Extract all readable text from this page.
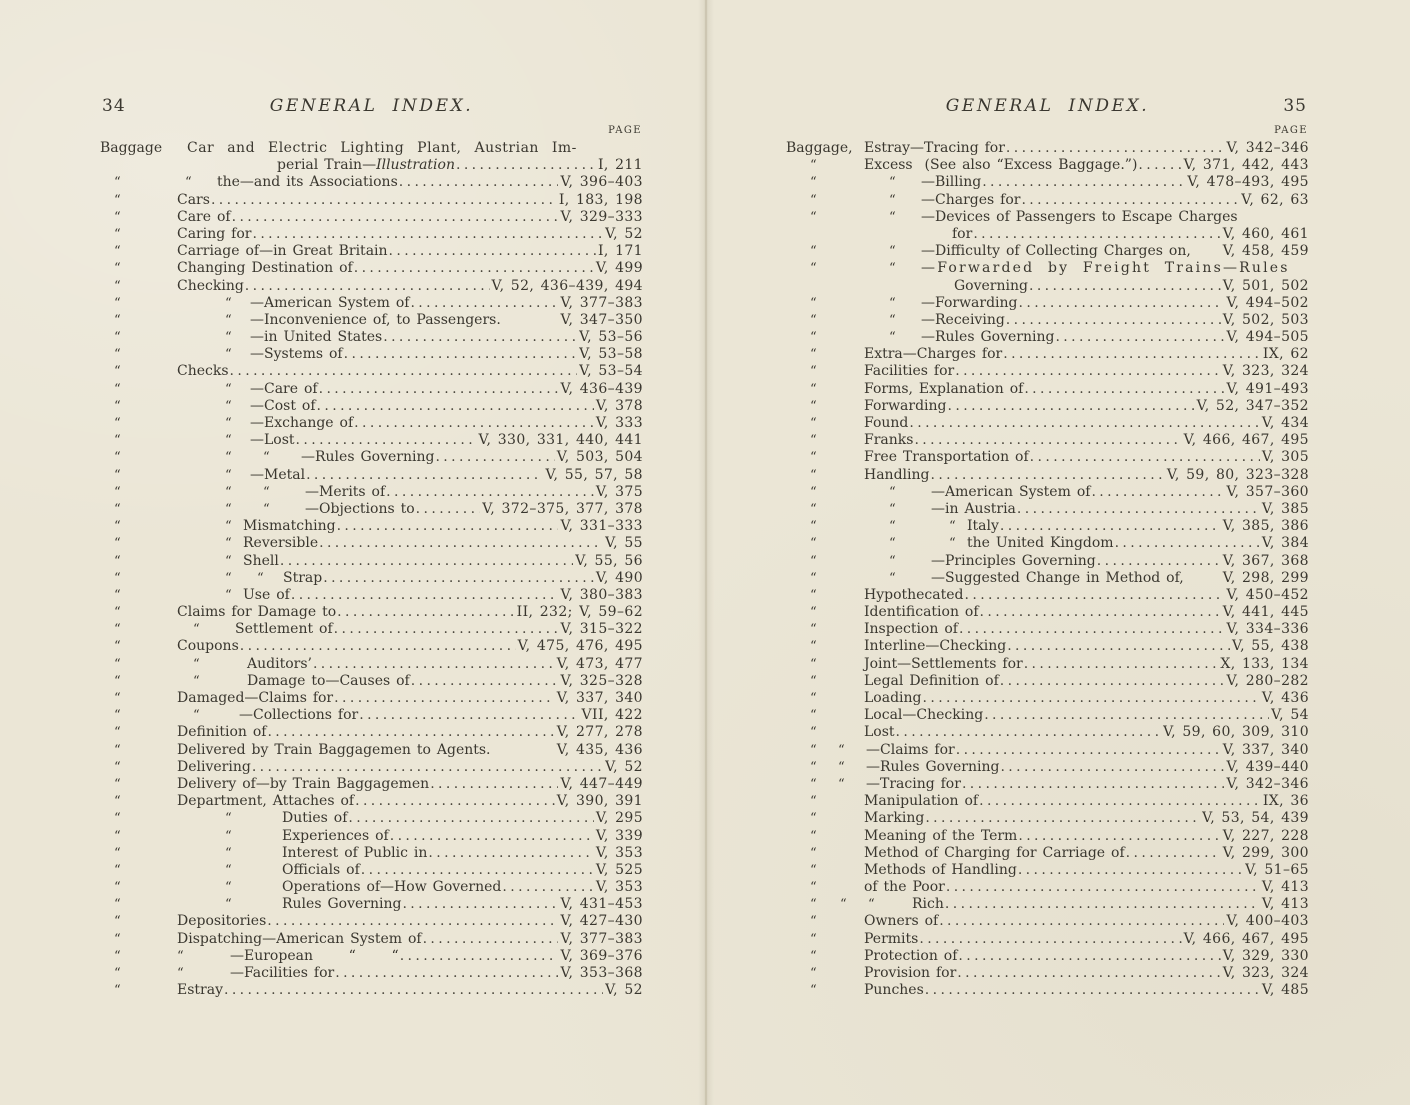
34	GENERAL INDEX.
PAGE
Baggage	Car and Electric Lighting Plant, Austrian Im-
perial Train—Illustration .....	I, 211
“	“ the—and its Associations .....	V, 396–403
“	Cars .....	I, 183, 198
“	Care of .....	V, 329–333
“	Caring for .....	V, 52
“	Carriage of—in Great Britain .....	I, 171
“	Changing Destination of .....	V, 499
“	Checking .....	V, 52, 436–439, 494
“	“ —American System of .....	V, 377–383
“	“ —Inconvenience of, to Passengers.	V, 347–350
“	“ —in United States .....	V, 53–56
“	“ —Systems of .....	V, 53–58
“	Checks .....	V, 53–54
“	“ —Care of .....	V, 436–439
“	“ —Cost of .....	V, 378
“	“ —Exchange of .....	V, 333
“	“ —Lost .....	V, 330, 331, 440, 441
“	“ “ —Rules Governing .....	V, 503, 504
“	“ —Metal .....	V, 55, 57, 58
“	“ “	—Merits of .....	V, 375
“	“ “	—Objections to .....	V, 372–375, 377, 378
“	“ Mismatching .....	V, 331–333
“	“ Reversible .....	V, 55
“	“ Shell .....	V, 55, 56
“	“ “ Strap .....	V, 490
“	“ Use of .....	V, 380–383
“	Claims for Damage to .....	II, 232; V, 59–62
“	“	Settlement of .....	V, 315–322
“	Coupons .....	V, 475, 476, 495
“	“	Auditors’ .....	V, 473, 477
“	“	Damage to—Causes of .....	V, 325–328
“	Damaged—Claims for .....	V, 337, 340
“	“	—Collections for .....	VII, 422
“	Definition of .....	V, 277, 278
“	Delivered by Train Baggagemen to Agents.	V, 435, 436
“	Delivering .....	V, 52
“	Delivery of—by Train Baggagemen .....	V, 447–449
“	Department, Attaches of .....	V, 390, 391
“	“	Duties of .....	V, 295
“	“	Experiences of .....	V, 339
“	“	Interest of Public in .....	V, 353
“	“	Officials of .....	V, 525
“	“	Operations of—How Governed .....	V, 353
“	“	Rules Governing .....	V, 431–453
“	Depositories .....	V, 427–430
“	Dispatching—American System of .....	V, 377–383
“	“	—European      “      “ .....	V, 369–376
“	“	—Facilities for .....	V, 353–368
“	Estray .....	V, 52
35
GENERAL INDEX.
PAGE
Baggage, Estray—Tracing for .....	V, 342–346
“	Excess  (See also “Excess Baggage.”) .....	V, 371, 442, 443
“	“ —Billing .....	V, 478–493, 495
“	“ —Charges for .....	V, 62, 63
“	“ —Devices of Passengers to Escape Charges
for .....	V, 460, 461
“	“ —Difficulty of Collecting Charges on, V, 458, 459
“	“ —Forwarded by Freight Trains—Rules
Governing .....	V, 501, 502
“	“ —Forwarding .....	V, 494–502
“	“ —Receiving .....	V, 502, 503
“	“ —Rules Governing .....	V, 494–505
“	Extra—Charges for .....	IX, 62
“	Facilities for .....	V, 323, 324
“	Forms, Explanation of .....	V, 491–493
“	Forwarding .....	V, 52, 347–352
“	Found .....	V, 434
“	Franks .....	V, 466, 467, 495
“	Free Transportation of .....	V, 305
“	Handling .....	V, 59, 80, 323–328
“	“	—American System of .....	V, 357–360
“	“	—in Austria .....	V, 385
“	“	“ Italy .....	V, 385, 386
“	“	“ the United Kingdom .....	V, 384
“	“	—Principles Governing .....	V, 367, 368
“	“	—Suggested Change in Method of,	V, 298, 299
“	Hypothecated .....	V, 450–452
“	Identification of .....	V, 441, 445
“	Inspection of .....	V, 334–336
“	Interline—Checking .....	V, 55, 438
“	Joint—Settlements for .....	X, 133, 134
“	Legal Definition of .....	V, 280–282
“	Loading .....	V, 436
“	Local—Checking .....	V, 54
“	Lost .....	V, 59, 60, 309, 310
“	“ —Claims for .....	V, 337, 340
“	“ —Rules Governing .....	V, 439–440
“	“ —Tracing for .....	V, 342–346
“	Manipulation of .....	IX, 36
“	Marking .....	V, 53, 54, 439
“	Meaning of the Term .....	V, 227, 228
“	Method of Charging for Carriage of .....	V, 299, 300
“	Methods of Handling .....	V, 51–65
“	of the Poor .....	V, 413
“	“ “	Rich .....	V, 413
“	Owners of .....	V, 400–403
“	Permits .....	V, 466, 467, 495
“	Protection of .....	V, 329, 330
“	Provision for .....	V, 323, 324
“	Punches .....	V, 485
